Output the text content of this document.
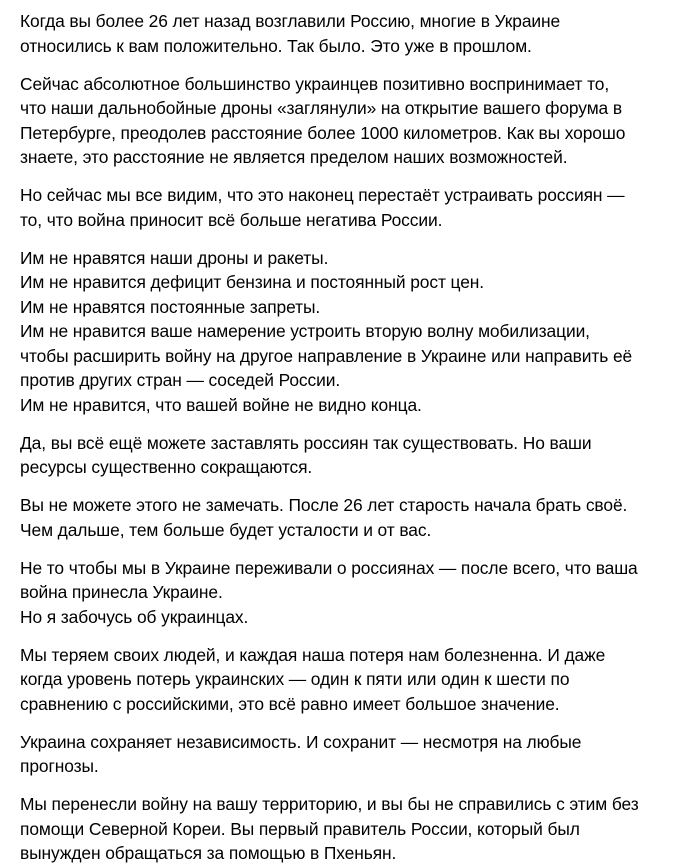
Когда вы более 26 лет назад возглавили Россию, многие в Украине
относились к вам положительно. Так было. Это уже в прошлом.
Сейчас абсолютное большинство украинцев позитивно воспринимает то,
что наши дальнобойные дроны «заглянули» на открытие вашего форума в
Петербурге, преодолев расстояние более 1000 километров. Как вы хорошо
знаете, это расстояние не является пределом наших возможностей.
Но сейчас мы все видим, что это наконец перестаёт устраивать россиян —
то, что война приносит всё больше негатива России.
Им не нравятся наши дроны и ракеты.
Им не нравится дефицит бензина и постоянный рост цен.
Им не нравятся постоянные запреты.
Им не нравится ваше намерение устроить вторую волну мобилизации,
чтобы расширить войну на другое направление в Украине или направить её
против других стран — соседей России.
Им не нравится, что вашей войне не видно конца.
Да, вы всё ещё можете заставлять россиян так существовать. Но ваши
ресурсы существенно сокращаются.
Вы не можете этого не замечать. После 26 лет старость начала брать своё.
Чем дальше, тем больше будет усталости и от вас.
Не то чтобы мы в Украине переживали о россиянах — после всего, что ваша
война принесла Украине.
Но я забочусь об украинцах.
Мы теряем своих людей, и каждая наша потеря нам болезненна. И даже
когда уровень потерь украинских — один к пяти или один к шести по
сравнению с российскими, это всё равно имеет большое значение.
Украина сохраняет независимость. И сохранит — несмотря на любые
прогнозы.
Мы перенесли войну на вашу территорию, и вы бы не справились с этим без
помощи Северной Кореи. Вы первый правитель России, который был
вынужден обращаться за помощью в Пхеньян.
